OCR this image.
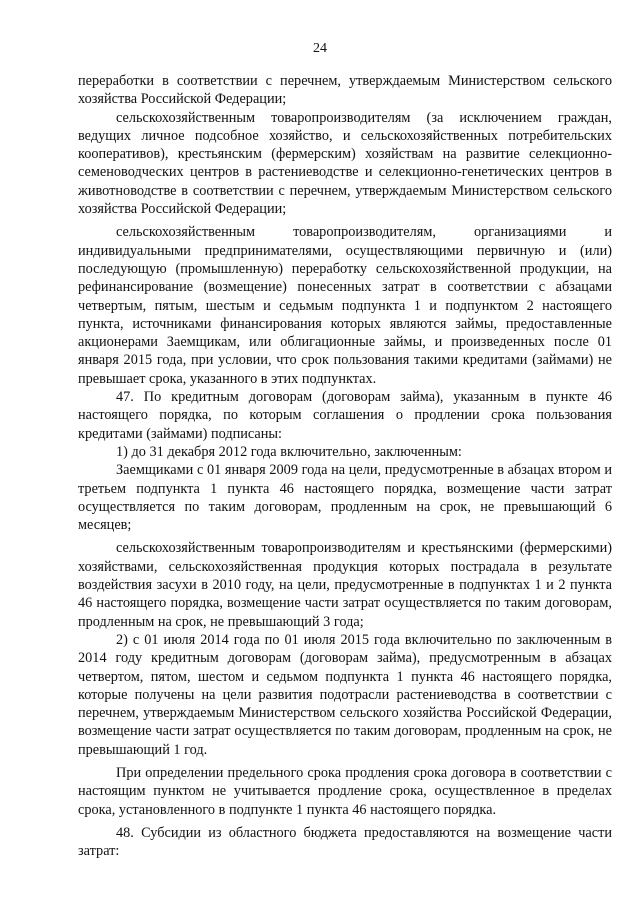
24

переработки в соответствии с перечнем, утверждаемым Министерством сельского хозяйства Российской Федерации;

сельскохозяйственным товаропроизводителям (за исключением граждан, ведущих личное подсобное хозяйство, и сельскохозяйственных потребительских кооперативов), крестьянским (фермерским) хозяйствам на развитие селекционно-семеноводческих центров в растениеводстве и селекционно-генетических центров в животноводстве в соответствии с перечнем, утверждаемым Министерством сельского хозяйства Российской Федерации;

сельскохозяйственным товаропроизводителям, организациями и индивидуальными предпринимателями, осуществляющими первичную и (или) последующую (промышленную) переработку сельскохозяйственной продукции, на рефинансирование (возмещение) понесенных затрат в соответствии с абзацами четвертым, пятым, шестым и седьмым подпункта 1 и подпунктом 2 настоящего пункта, источниками финансирования которых являются займы, предоставленные акционерами Заемщикам, или облигационные займы, и произведенных после 01 января 2015 года, при условии, что срок пользования такими кредитами (займами) не превышает срока, указанного в этих подпунктах.

47. По кредитным договорам (договорам займа), указанным в пункте 46 настоящего порядка, по которым соглашения о продлении срока пользования кредитами (займами) подписаны:

1) до 31 декабря 2012 года включительно, заключенным:

Заемщиками с 01 января 2009 года на цели, предусмотренные в абзацах втором и третьем подпункта 1 пункта 46 настоящего порядка, возмещение части затрат осуществляется по таким договорам, продленным на срок, не превышающий 6 месяцев;

сельскохозяйственным товаропроизводителям и крестьянскими (фермерскими) хозяйствами, сельскохозяйственная продукция которых пострадала в результате воздействия засухи в 2010 году, на цели, предусмотренные в подпунктах 1 и 2 пункта 46 настоящего порядка, возмещение части затрат осуществляется по таким договорам, продленным на срок, не превышающий 3 года;

2) с 01 июля 2014 года по 01 июля 2015 года включительно по заключенным в 2014 году кредитным договорам (договорам займа), предусмотренным в абзацах четвертом, пятом, шестом и седьмом подпункта 1 пункта 46 настоящего порядка, которые получены на цели развития подотрасли растениеводства в соответствии с перечнем, утверждаемым Министерством сельского хозяйства Российской Федерации, возмещение части затрат осуществляется по таким договорам, продленным на срок, не превышающий 1 год.

При определении предельного срока продления срока договора в соответствии с настоящим пунктом не учитывается продление срока, осуществленное в пределах срока, установленного в подпункте 1 пункта 46 настоящего порядка.

48. Субсидии из областного бюджета предоставляются на возмещение части затрат:
